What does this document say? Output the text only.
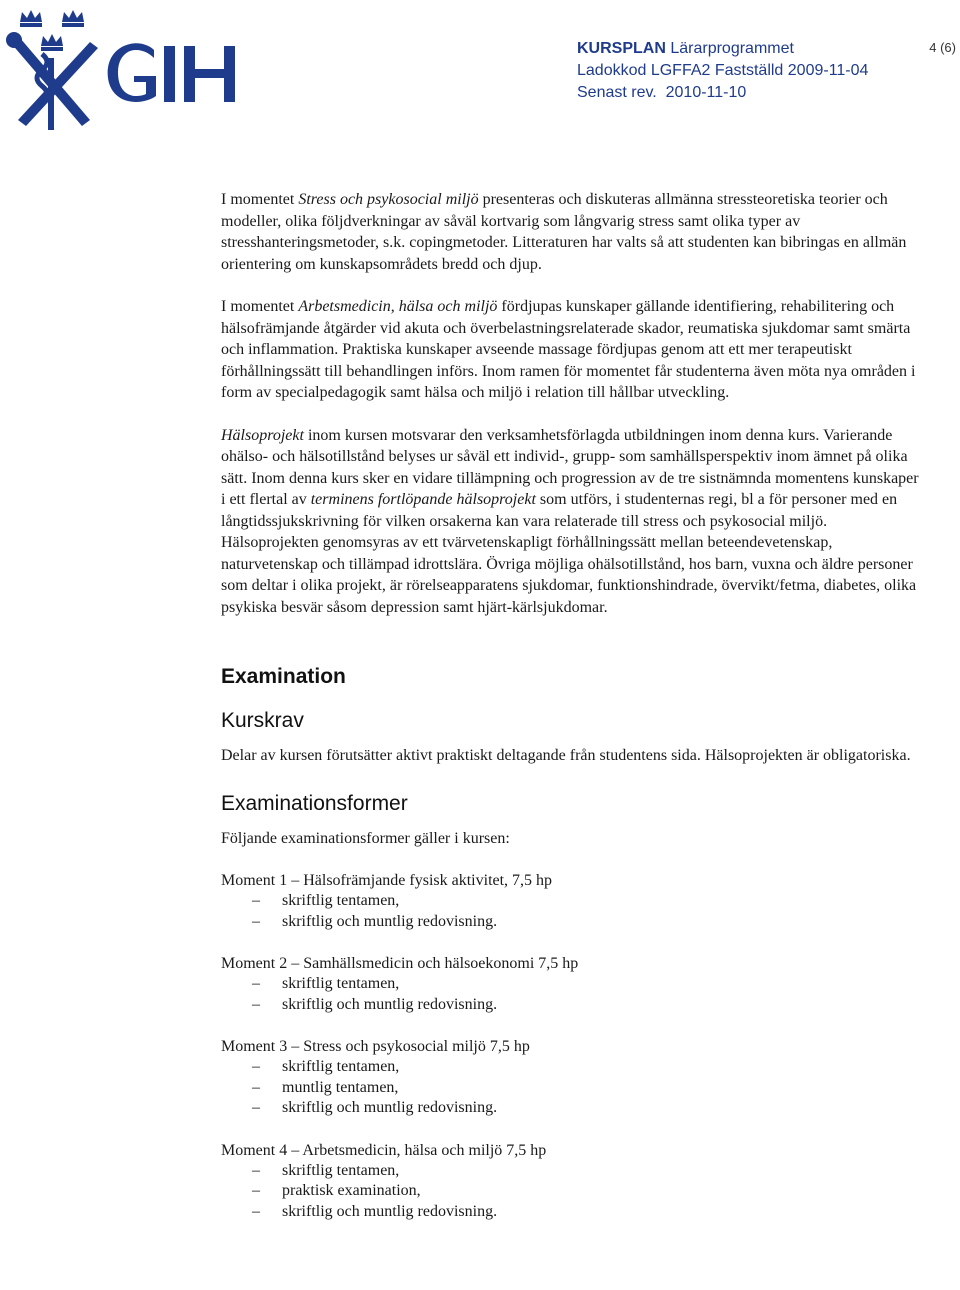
KURSPLAN Lärarprogrammet
Ladokkod LGFFA2 Fastställd 2009-11-04
Senast rev.  2010-11-10
4 (6)

I momentet Stress och psykosocial miljö presenteras och diskuteras allmänna stressteoretiska teorier och modeller, olika följdverkningar av såväl kortvarig som långvarig stress samt olika typer av stresshanteringsmetoder, s.k. copingmetoder. Litteraturen har valts så att studenten kan bibringas en allmän orientering om kunskapsområdets bredd och djup.

I momentet Arbetsmedicin, hälsa och miljö fördjupas kunskaper gällande identifiering, rehabilitering och hälsofrämjande åtgärder vid akuta och överbelastningsrelaterade skador, reumatiska sjukdomar samt smärta och inflammation. Praktiska kunskaper avseende massage fördjupas genom att ett mer terapeutiskt förhållningssätt till behandlingen införs. Inom ramen för momentet får studenterna även möta nya områden i form av specialpedagogik samt hälsa och miljö i relation till hållbar utveckling.

Hälsoprojekt inom kursen motsvarar den verksamhetsförlagda utbildningen inom denna kurs. Varierande ohälso- och hälsotillstånd belyses ur såväl ett individ-, grupp- som samhällsperspektiv inom ämnet på olika sätt. Inom denna kurs sker en vidare tillämpning och progression av de tre sistnämnda momentens kunskaper i ett flertal av terminens fortlöpande hälsoprojekt som utförs, i studenternas regi, bl a för personer med en långtidssjukskrivning för vilken orsakerna kan vara relaterade till stress och psykosocial miljö. Hälsoprojekten genomsyras av ett tvärvetenskapligt förhållningssätt mellan beteendevetenskap, naturvetenskap och tillämpad idrottslära. Övriga möjliga ohälsotillstånd, hos barn, vuxna och äldre personer som deltar i olika projekt, är rörelseapparatens sjukdomar, funktionshindrade, övervikt/fetma, diabetes, olika psykiska besvär såsom depression samt hjärt-kärlsjukdomar.

Examination
Kurskrav

Delar av kursen förutsätter aktivt praktiskt deltagande från studentens sida. Hälsoprojekten är obligatoriska.

Examinationsformer

Följande examinationsformer gäller i kursen:

Moment 1 – Hälsofrämjande fysisk aktivitet, 7,5 hp
– skriftlig tentamen,
– skriftlig och muntlig redovisning.
Moment 2 – Samhällsmedicin och hälsoekonomi 7,5 hp
– skriftlig tentamen,
– skriftlig och muntlig redovisning.
Moment 3 – Stress och psykosocial miljö 7,5 hp
– skriftlig tentamen,
– muntlig tentamen,
– skriftlig och muntlig redovisning.
Moment 4 – Arbetsmedicin, hälsa och miljö 7,5 hp
– skriftlig tentamen,
– praktisk examination,
– skriftlig och muntlig redovisning.
